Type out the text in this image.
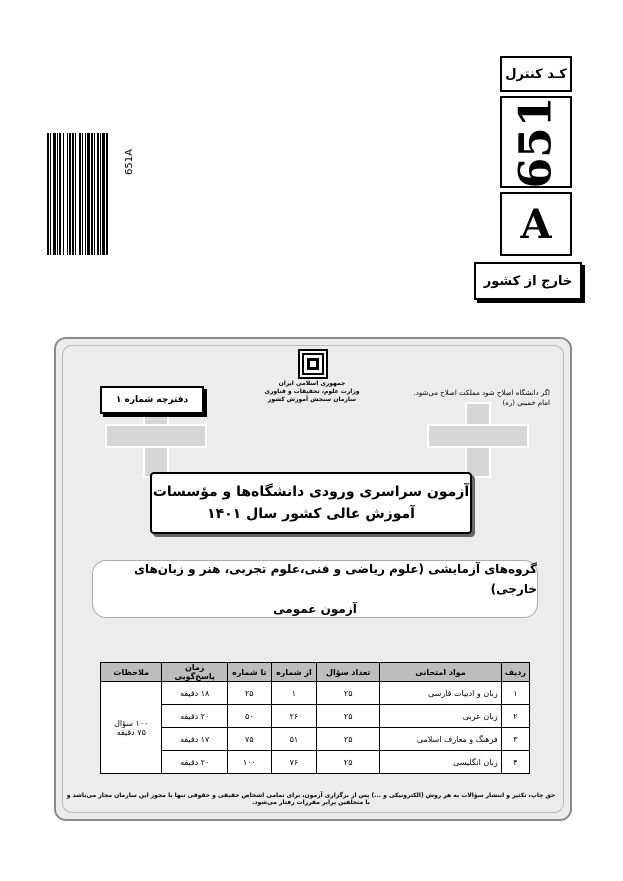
کـد کنترل
651
A
خارج از کشور
651A
دفترچه شماره ۱
جمهوری اسلامی ایران
وزارت علوم، تحقیقات و فناوری
سازمان سنجش آموزش کشور
اگر دانشگاه اصلاح شود مملکت اصلاح می‌شود.
امام خمینی (ره)
آزمون سراسری ورودی دانشگاه‌ها و مؤسسات
آموزش عالی کشور سال ۱۴۰۱
گروه‌های آزمایشی (علوم ریاضی و فنی،علوم تجربی، هنر و زبان‌های خارجی)
آزمون عمومی
ردیف	مواد امتحانی	تعداد سؤال	از شماره	تا شماره	زمان پاسخ‌گویی	ملاحظات
۱	زبان و ادبیات فارسی	۲۵	۱	۲۵	۱۸ دقیقه	۱۰۰ سؤال
۷۵ دقیقه

۲	زبان عربی	۲۵	۲۶	۵۰	۲۰ دقیقه	
۳	فرهنگ و معارف اسلامی	۲۵	۵۱	۷۵	۱۷ دقیقه	
۴	زبان انگلیسی	۲۵	۷۶	۱۰۰	۲۰ دقیقه	
حق چاپ، تکثیر و انتشار سؤالات به هر روش (الکترونیکی و ...) پس از برگزاری آزمون، برای تمامی اشخاص حقیقی و حقوقی تنها با مجوز این سازمان مجاز می‌باشد و با متخلفین برابر مقررات رفتار می‌شود.
